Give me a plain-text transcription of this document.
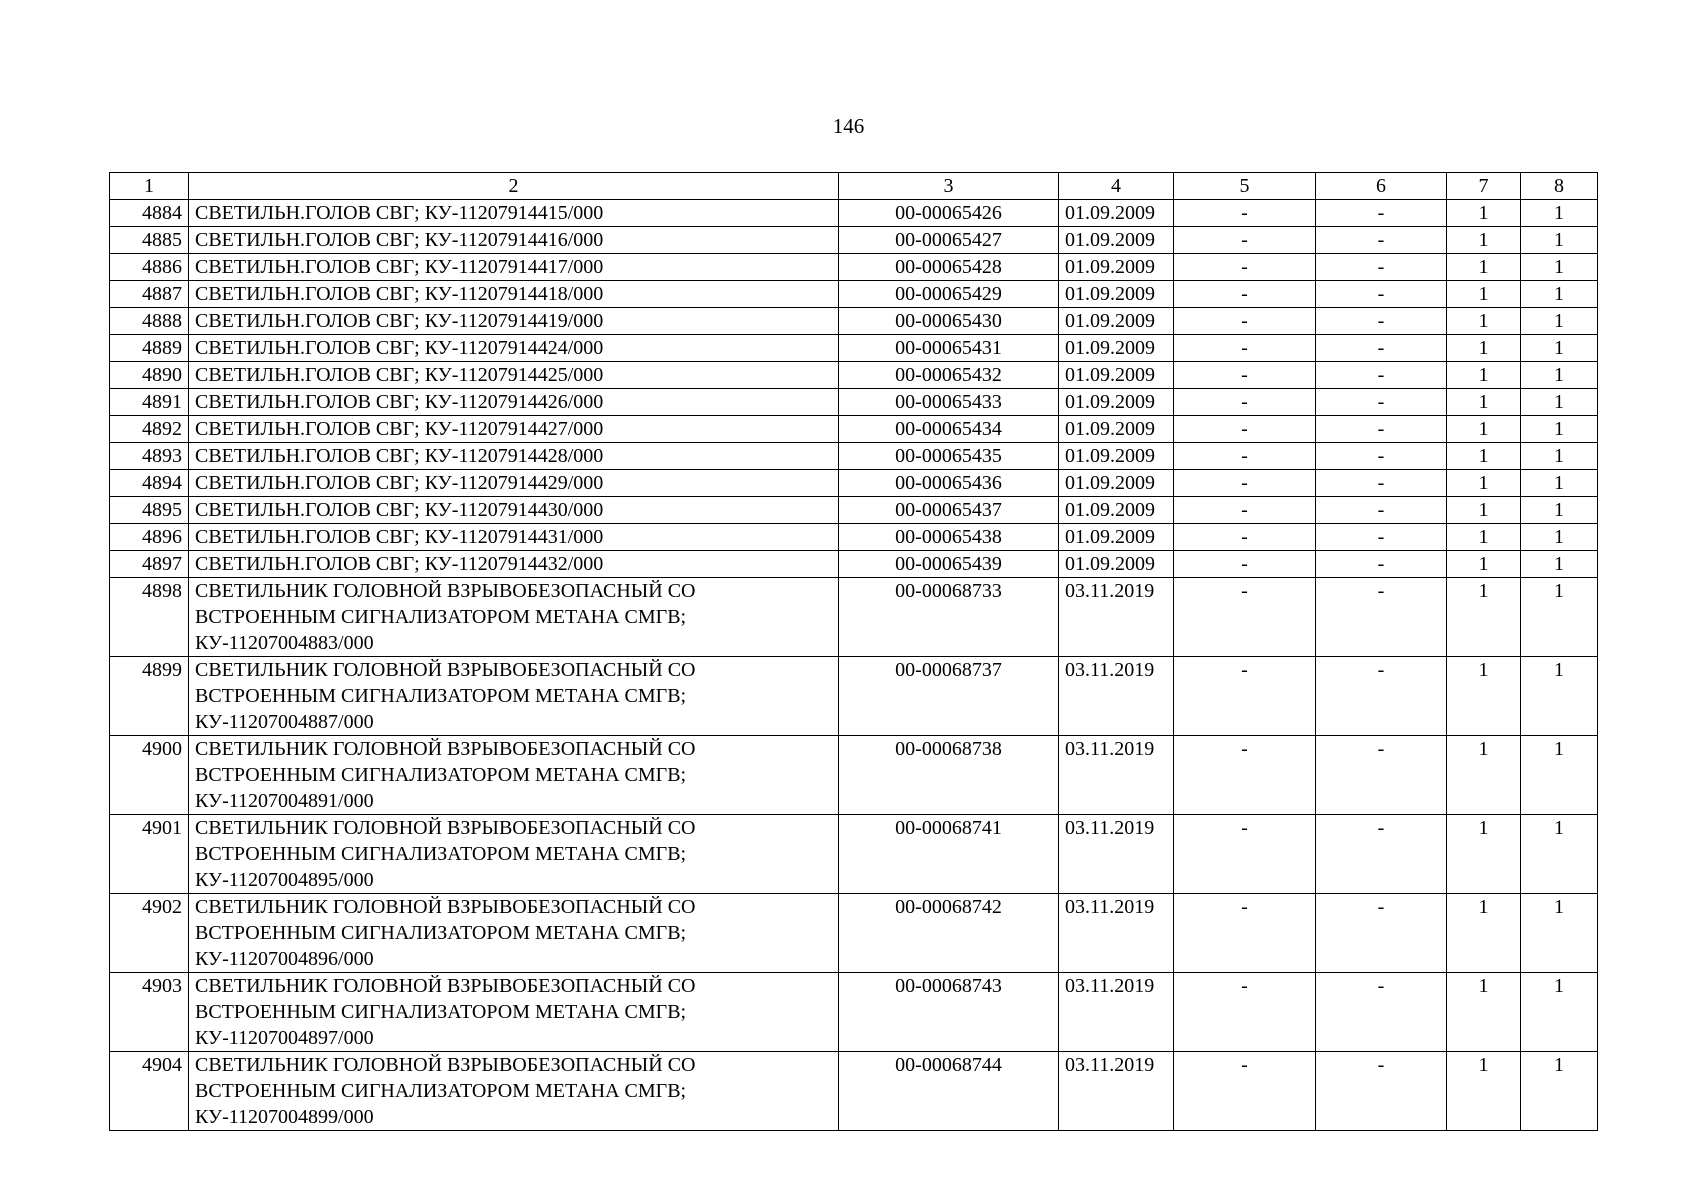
146
1	2	3	4	5	6	7	8
4884	СВЕТИЛЬН.ГОЛОВ СВГ; КУ-11207914415/000	00-00065426	01.09.2009	-	-	1	1
4885	СВЕТИЛЬН.ГОЛОВ СВГ; КУ-11207914416/000	00-00065427	01.09.2009	-	-	1	1
4886	СВЕТИЛЬН.ГОЛОВ СВГ; КУ-11207914417/000	00-00065428	01.09.2009	-	-	1	1
4887	СВЕТИЛЬН.ГОЛОВ СВГ; КУ-11207914418/000	00-00065429	01.09.2009	-	-	1	1
4888	СВЕТИЛЬН.ГОЛОВ СВГ; КУ-11207914419/000	00-00065430	01.09.2009	-	-	1	1
4889	СВЕТИЛЬН.ГОЛОВ СВГ; КУ-11207914424/000	00-00065431	01.09.2009	-	-	1	1
4890	СВЕТИЛЬН.ГОЛОВ СВГ; КУ-11207914425/000	00-00065432	01.09.2009	-	-	1	1
4891	СВЕТИЛЬН.ГОЛОВ СВГ; КУ-11207914426/000	00-00065433	01.09.2009	-	-	1	1
4892	СВЕТИЛЬН.ГОЛОВ СВГ; КУ-11207914427/000	00-00065434	01.09.2009	-	-	1	1
4893	СВЕТИЛЬН.ГОЛОВ СВГ; КУ-11207914428/000	00-00065435	01.09.2009	-	-	1	1
4894	СВЕТИЛЬН.ГОЛОВ СВГ; КУ-11207914429/000	00-00065436	01.09.2009	-	-	1	1
4895	СВЕТИЛЬН.ГОЛОВ СВГ; КУ-11207914430/000	00-00065437	01.09.2009	-	-	1	1
4896	СВЕТИЛЬН.ГОЛОВ СВГ; КУ-11207914431/000	00-00065438	01.09.2009	-	-	1	1
4897	СВЕТИЛЬН.ГОЛОВ СВГ; КУ-11207914432/000	00-00065439	01.09.2009	-	-	1	1
4898	СВЕТИЛЬНИК ГОЛОВНОЙ ВЗРЫВОБЕЗОПАСНЫЙ СО
ВСТРОЕННЫМ СИГНАЛИЗАТОРОМ МЕТАНА СМГВ;
КУ-11207004883/000	00-00068733	03.11.2019	-	-	1	1
4899	СВЕТИЛЬНИК ГОЛОВНОЙ ВЗРЫВОБЕЗОПАСНЫЙ СО
ВСТРОЕННЫМ СИГНАЛИЗАТОРОМ МЕТАНА СМГВ;
КУ-11207004887/000	00-00068737	03.11.2019	-	-	1	1
4900	СВЕТИЛЬНИК ГОЛОВНОЙ ВЗРЫВОБЕЗОПАСНЫЙ СО
ВСТРОЕННЫМ СИГНАЛИЗАТОРОМ МЕТАНА СМГВ;
КУ-11207004891/000	00-00068738	03.11.2019	-	-	1	1
4901	СВЕТИЛЬНИК ГОЛОВНОЙ ВЗРЫВОБЕЗОПАСНЫЙ СО
ВСТРОЕННЫМ СИГНАЛИЗАТОРОМ МЕТАНА СМГВ;
КУ-11207004895/000	00-00068741	03.11.2019	-	-	1	1
4902	СВЕТИЛЬНИК ГОЛОВНОЙ ВЗРЫВОБЕЗОПАСНЫЙ СО
ВСТРОЕННЫМ СИГНАЛИЗАТОРОМ МЕТАНА СМГВ;
КУ-11207004896/000	00-00068742	03.11.2019	-	-	1	1
4903	СВЕТИЛЬНИК ГОЛОВНОЙ ВЗРЫВОБЕЗОПАСНЫЙ СО
ВСТРОЕННЫМ СИГНАЛИЗАТОРОМ МЕТАНА СМГВ;
КУ-11207004897/000	00-00068743	03.11.2019	-	-	1	1
4904	СВЕТИЛЬНИК ГОЛОВНОЙ ВЗРЫВОБЕЗОПАСНЫЙ СО
ВСТРОЕННЫМ СИГНАЛИЗАТОРОМ МЕТАНА СМГВ;
КУ-11207004899/000	00-00068744	03.11.2019	-	-	1	1
